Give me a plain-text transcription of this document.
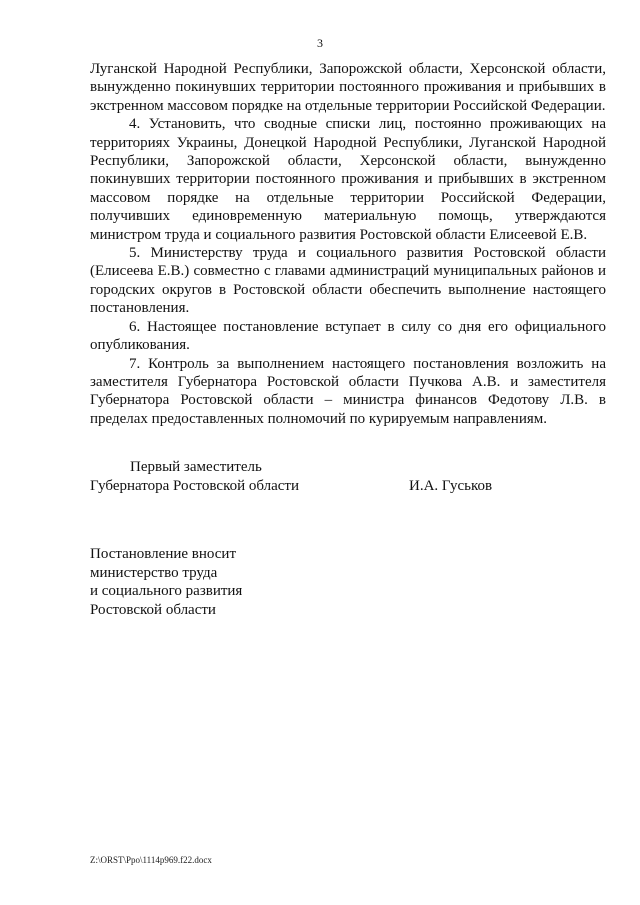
3

Луганской Народной Республики, Запорожской области, Херсонской области, вынужденно покинувших территории постоянного проживания и прибывших в экстренном массовом порядке на отдельные территории Российской Федерации.

4. Установить, что сводные списки лиц, постоянно проживающих на территориях Украины, Донецкой Народной Республики, Луганской Народной Республики, Запорожской области, Херсонской области, вынужденно покинувших территории постоянного проживания и прибывших в экстренном массовом порядке на отдельные территории Российской Федерации, получивших единовременную материальную помощь, утверждаются министром труда и социального развития Ростовской области Елисеевой Е.В.

5. Министерству труда и социального развития Ростовской области (Елисеева Е.В.) совместно с главами администраций муниципальных районов и городских округов в Ростовской области обеспечить выполнение настоящего постановления.

6. Настоящее постановление вступает в силу со дня его официального опубликования.

7. Контроль за выполнением настоящего постановления возложить на заместителя Губернатора Ростовской области Пучкова А.В. и заместителя Губернатора Ростовской области – министра финансов Федотову Л.В. в пределах предоставленных полномочий по курируемым направлениям.

Первый заместитель
Губернатора Ростовской области	И.А. Гуськов
Постановление вносит
министерство труда
и социального развития
Ростовской области
Z:\ORST\Ppo\1114p969.f22.docx
